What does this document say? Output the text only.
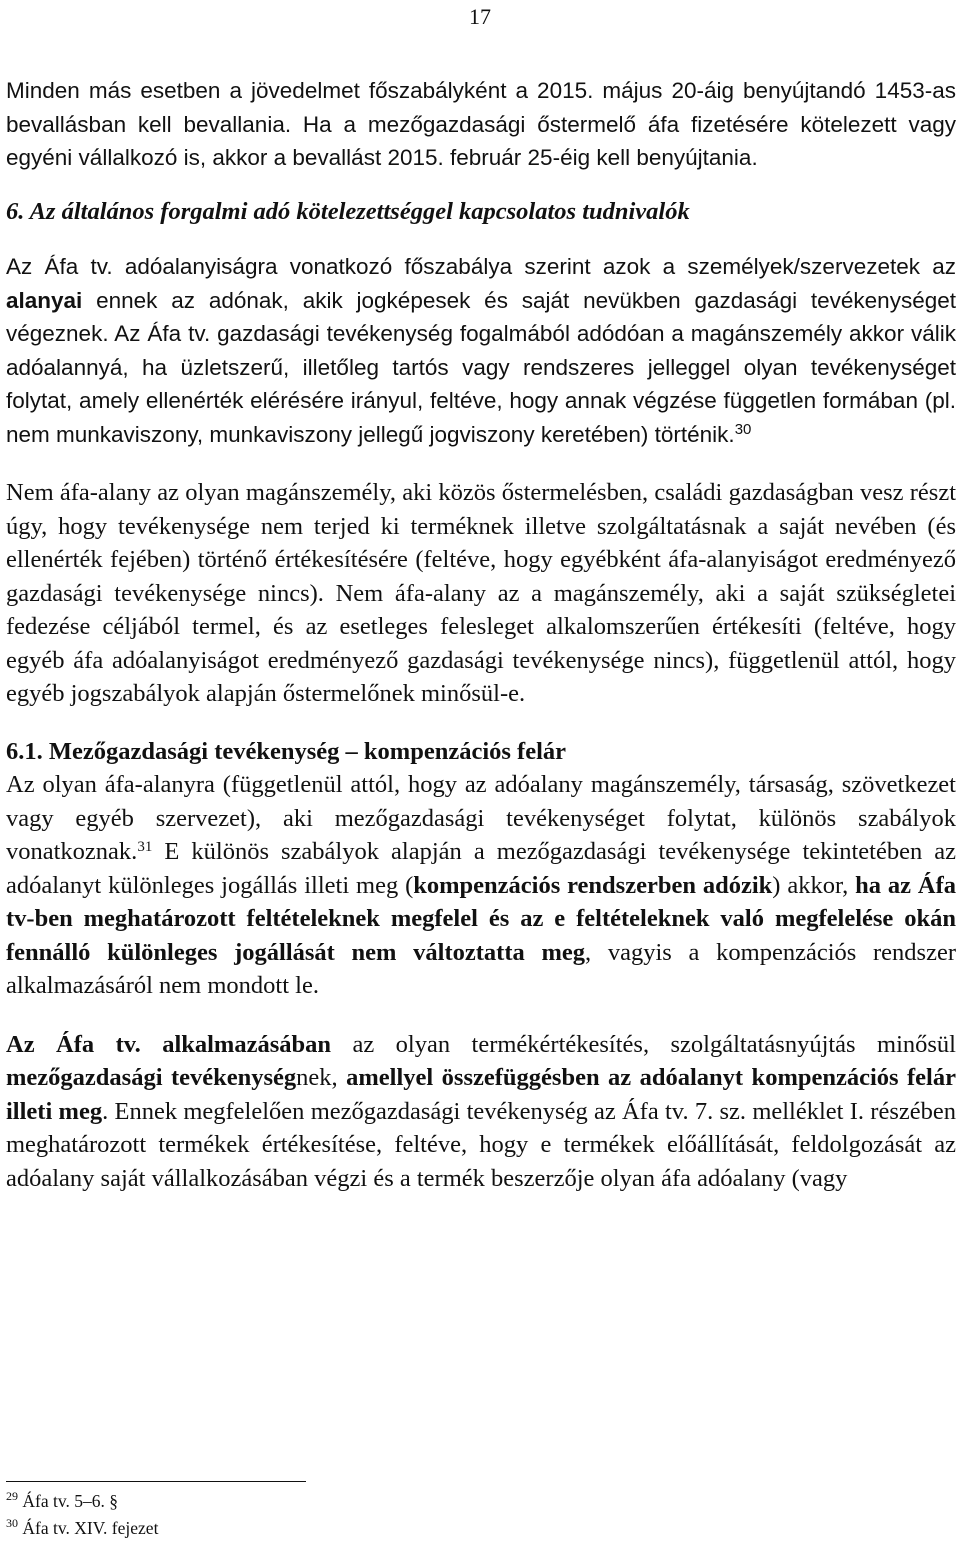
17

Minden más esetben a jövedelmet főszabályként a 2015. május 20-áig benyújtandó 1453-as bevallásban kell bevallania. Ha a mezőgazdasági őstermelő áfa fizetésére kötelezett vagy egyéni vállalkozó is, akkor a bevallást 2015. február 25-éig kell benyújtania.

6. Az általános forgalmi adó kötelezettséggel kapcsolatos tudnivalók

Az Áfa tv. adóalanyiságra vonatkozó főszabálya szerint azok a személyek/szervezetek az alanyai ennek az adónak, akik jogképesek és saját nevükben gazdasági tevékenységet végeznek. Az Áfa tv. gazdasági tevékenység fogalmából adódóan a magánszemély akkor válik adóalannyá, ha üzletszerű, illetőleg tartós vagy rendszeres jelleggel olyan tevékenységet folytat, amely ellenérték elérésére irányul, feltéve, hogy annak végzése független formában (pl. nem munkaviszony, munkaviszony jellegű jogviszony keretében) történik.$^{30}$

Nem áfa-alany az olyan magánszemély, aki közös őstermelésben, családi gazdaságban vesz részt úgy, hogy tevékenysége nem terjed ki terméknek illetve szolgáltatásnak a saját nevében (és ellenérték fejében) történő értékesítésére (feltéve, hogy egyébként áfa-alanyiságot eredményező gazdasági tevékenysége nincs). Nem áfa-alany az a magánszemély, aki a saját szükségletei fedezése céljából termel, és az esetleges felesleget alkalomszerűen értékesíti (feltéve, hogy egyéb áfa adóalanyiságot eredményező gazdasági tevékenysége nincs), függetlenül attól, hogy egyéb jogszabályok alapján őstermelőnek minősül-e.

6.1. Mezőgazdasági tevékenység – kompenzációs felár

Az olyan áfa-alanyra (függetlenül attól, hogy az adóalany magánszemély, társaság, szövetkezet vagy egyéb szervezet), aki mezőgazdasági tevékenységet folytat, különös szabályok vonatkoznak.$^{31}$ E különös szabályok alapján a mezőgazdasági tevékenysége tekintetében az adóalanyt különleges jogállás illeti meg (kompenzációs rendszerben adózik) akkor, ha az Áfa tv-ben meghatározott feltételeknek megfelel és az e feltételeknek való megfelelése okán fennálló különleges jogállását nem változtatta meg, vagyis a kompenzációs rendszer alkalmazásáról nem mondott le.

Az Áfa tv. alkalmazásában az olyan termékértékesítés, szolgáltatásnyújtás minősül mezőgazdasági tevékenységnek, amellyel összefüggésben az adóalanyt kompenzációs felár illeti meg. Ennek megfelelően mezőgazdasági tevékenység az Áfa tv. 7. sz. melléklet I. részében meghatározott termékek értékesítése, feltéve, hogy e termékek előállítását, feldolgozását az adóalany saját vállalkozásában végzi és a termék beszerzője olyan áfa adóalany (vagy

$^{29}$ Áfa tv. 5–6. §
$^{30}$ Áfa tv. XIV. fejezet
